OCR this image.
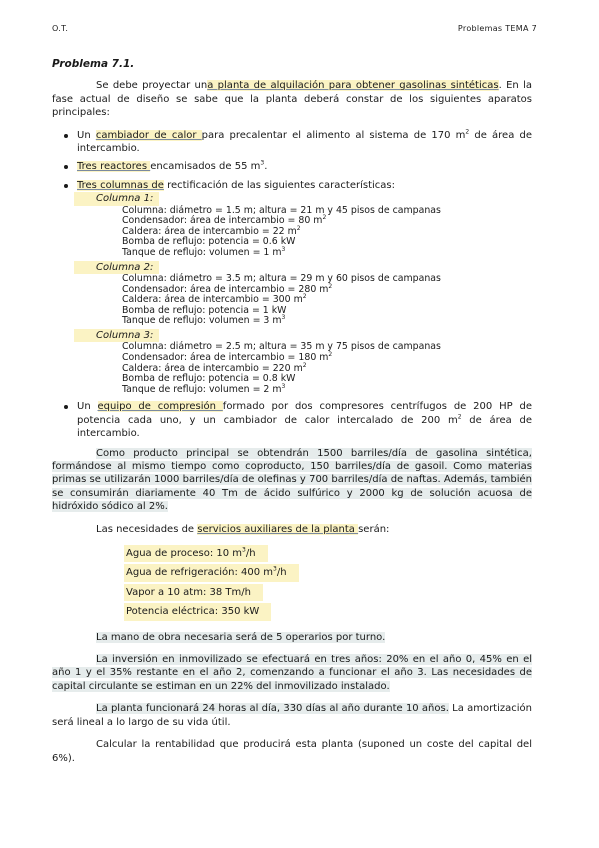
O.T.	Problemas TEMA 7
Problema 7.1.

Se debe proyectar una planta de alquilación para obtener gasolinas sintéticas. En la fase actual de diseño se sabe que la planta deberá constar de los siguientes aparatos principales:

Un cambiador de calor para precalentar el alimento al sistema de 170 $m^2$ de área de intercambio.
Tres reactores encamisados de 55 $m^3$.
Tres columnas de rectificación de las siguientes características:
Columna 1:
Columna: diámetro = 1.5 m; altura = 21 m y 45 pisos de campanas
Condensador: área de intercambio = 80 $m^2$
Caldera: área de intercambio = 22 $m^2$
Bomba de reflujo: potencia = 0.6 kW
Tanque de reflujo: volumen = 1 $m^3$
Columna 2:
Columna: diámetro = 3.5 m; altura = 29 m y 60 pisos de campanas
Condensador: área de intercambio = 280 $m^2$
Caldera: área de intercambio = 300 $m^2$
Bomba de reflujo: potencia = 1 kW
Tanque de reflujo: volumen = 3 $m^3$
Columna 3:
Columna: diámetro = 2.5 m; altura = 35 m y 75 pisos de campanas
Condensador: área de intercambio = 180 $m^2$
Caldera: área de intercambio = 220 $m^2$
Bomba de reflujo: potencia = 0.8 kW
Tanque de reflujo: volumen = 2 $m^3$
Un equipo de compresión formado por dos compresores centrífugos de 200 HP de potencia cada uno, y un cambiador de calor intercalado de 200 $m^2$ de área de intercambio.

Como producto principal se obtendrán 1500 barriles/día de gasolina sintética, formándose al mismo tiempo como coproducto, 150 barriles/día de gasoil. Como materias primas se utilizarán 1000 barriles/día de olefinas y 700 barriles/día de naftas. Además, también se consumirán diariamente 40 Tm de ácido sulfúrico y 2000 kg de solución acuosa de hidróxido sódico al 2%.

Las necesidades de servicios auxiliares de la planta serán:

Agua de proceso: 10 $m^3/h$
Agua de refrigeración: 400 $m^3/h$
Vapor a 10 atm: 38 Tm/h
Potencia eléctrica: 350 kW

La mano de obra necesaria será de 5 operarios por turno.

La inversión en inmovilizado se efectuará en tres años: 20% en el año 0, 45% en el año 1 y el 35% restante en el año 2, comenzando a funcionar el año 3. Las necesidades de capital circulante se estiman en un 22% del inmovilizado instalado.

La planta funcionará 24 horas al día, 330 días al año durante 10 años. La amortización será lineal a lo largo de su vida útil.

Calcular la rentabilidad que producirá esta planta (suponed un coste del capital del 6%).
